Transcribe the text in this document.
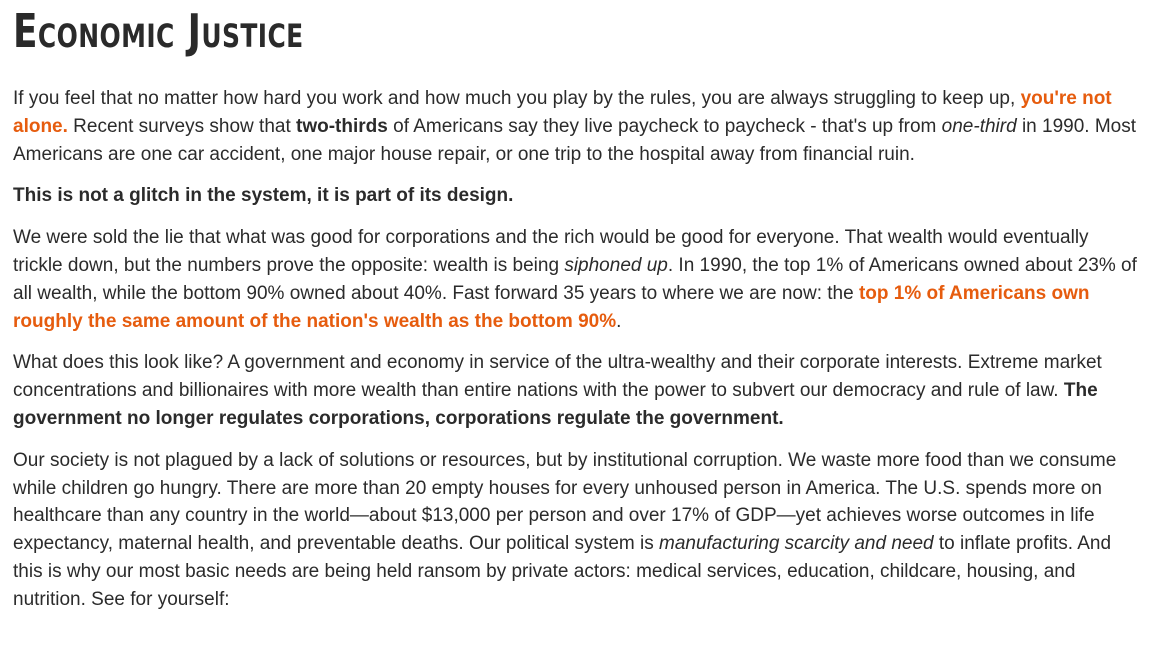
Economic Justice

If you feel that no matter how hard you work and how much you play by the rules, you are always struggling to keep up, you're not alone. Recent surveys show that two-thirds of Americans say they live paycheck to paycheck - that's up from one-third in 1990. Most Americans are one car accident, one major house repair, or one trip to the hospital away from financial ruin.

This is not a glitch in the system, it is part of its design.

We were sold the lie that what was good for corporations and the rich would be good for everyone. That wealth would eventually trickle down, but the numbers prove the opposite: wealth is being siphoned up. In 1990, the top 1% of Americans owned about 23% of all wealth, while the bottom 90% owned about 40%. Fast forward 35 years to where we are now: the top 1% of Americans own roughly the same amount of the nation's wealth as the bottom 90%.

What does this look like? A government and economy in service of the ultra-wealthy and their corporate interests. Extreme market concentrations and billionaires with more wealth than entire nations with the power to subvert our democracy and rule of law. The government no longer regulates corporations, corporations regulate the government.

Our society is not plagued by a lack of solutions or resources, but by institutional corruption. We waste more food than we consume while children go hungry. There are more than 20 empty houses for every unhoused person in America. The U.S. spends more on healthcare than any country in the world—about $13,000 per person and over 17% of GDP—yet achieves worse outcomes in life expectancy, maternal health, and preventable deaths. Our political system is manufacturing scarcity and need to inflate profits. And this is why our most basic needs are being held ransom by private actors: medical services, education, childcare, housing, and nutrition. See for yourself:
